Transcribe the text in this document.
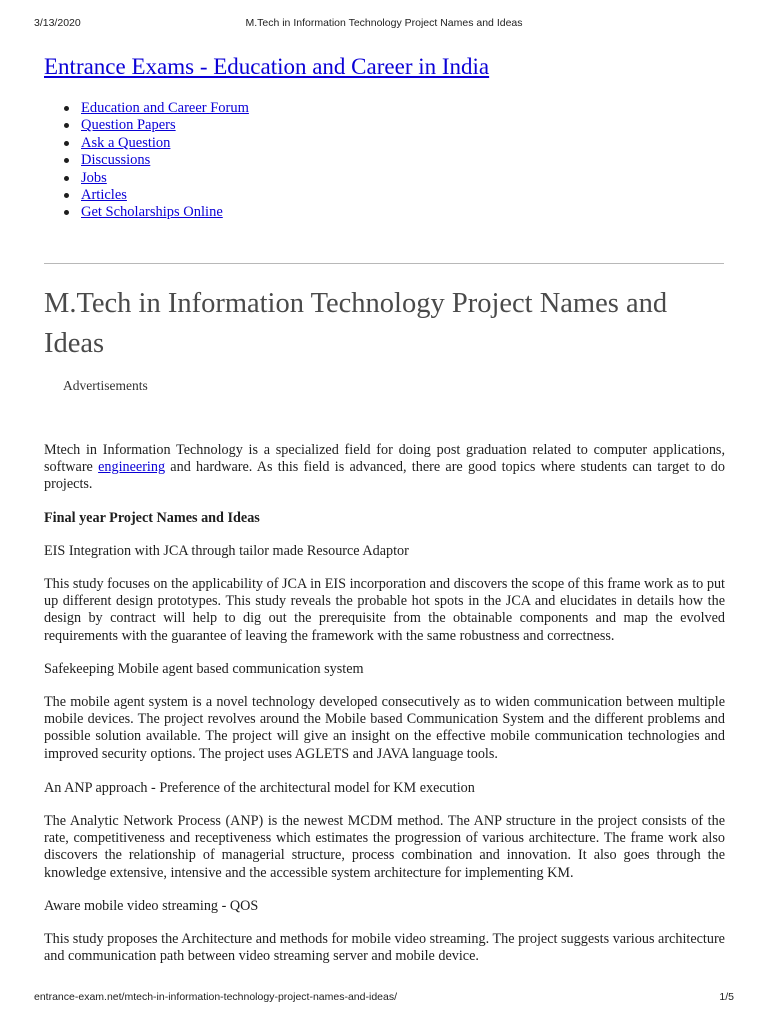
3/13/2020	M.Tech in Information Technology Project Names and Ideas
Entrance Exams - Education and Career in India
Education and Career Forum
Question Papers
Ask a Question
Discussions
Jobs
Articles
Get Scholarships Online
M.Tech in Information Technology Project Names and Ideas
Advertisements

Mtech in Information Technology is a specialized field for doing post graduation related to computer applications, software engineering and hardware. As this field is advanced, there are good topics where students can target to do projects.

Final year Project Names and Ideas

EIS Integration with JCA through tailor made Resource Adaptor

This study focuses on the applicability of JCA in EIS incorporation and discovers the scope of this frame work as to put up different design prototypes. This study reveals the probable hot spots in the JCA and elucidates in details how the design by contract will help to dig out the prerequisite from the obtainable components and map the evolved requirements with the guarantee of leaving the framework with the same robustness and correctness.

Safekeeping Mobile agent based communication system

The mobile agent system is a novel technology developed consecutively as to widen communication between multiple mobile devices. The project revolves around the Mobile based Communication System and the different problems and possible solution available. The project will give an insight on the effective mobile communication technologies and improved security options. The project uses AGLETS and JAVA language tools.

An ANP approach - Preference of the architectural model for KM execution

The Analytic Network Process (ANP) is the newest MCDM method. The ANP structure in the project consists of the rate, competitiveness and receptiveness which estimates the progression of various architecture. The frame work also discovers the relationship of managerial structure, process combination and innovation. It also goes through the knowledge extensive, intensive and the accessible system architecture for implementing KM.

Aware mobile video streaming - QOS

This study proposes the Architecture and methods for mobile video streaming. The project suggests various architecture and communication path between video streaming server and mobile device.

entrance-exam.net/mtech-in-information-technology-project-names-and-ideas/	1/5
